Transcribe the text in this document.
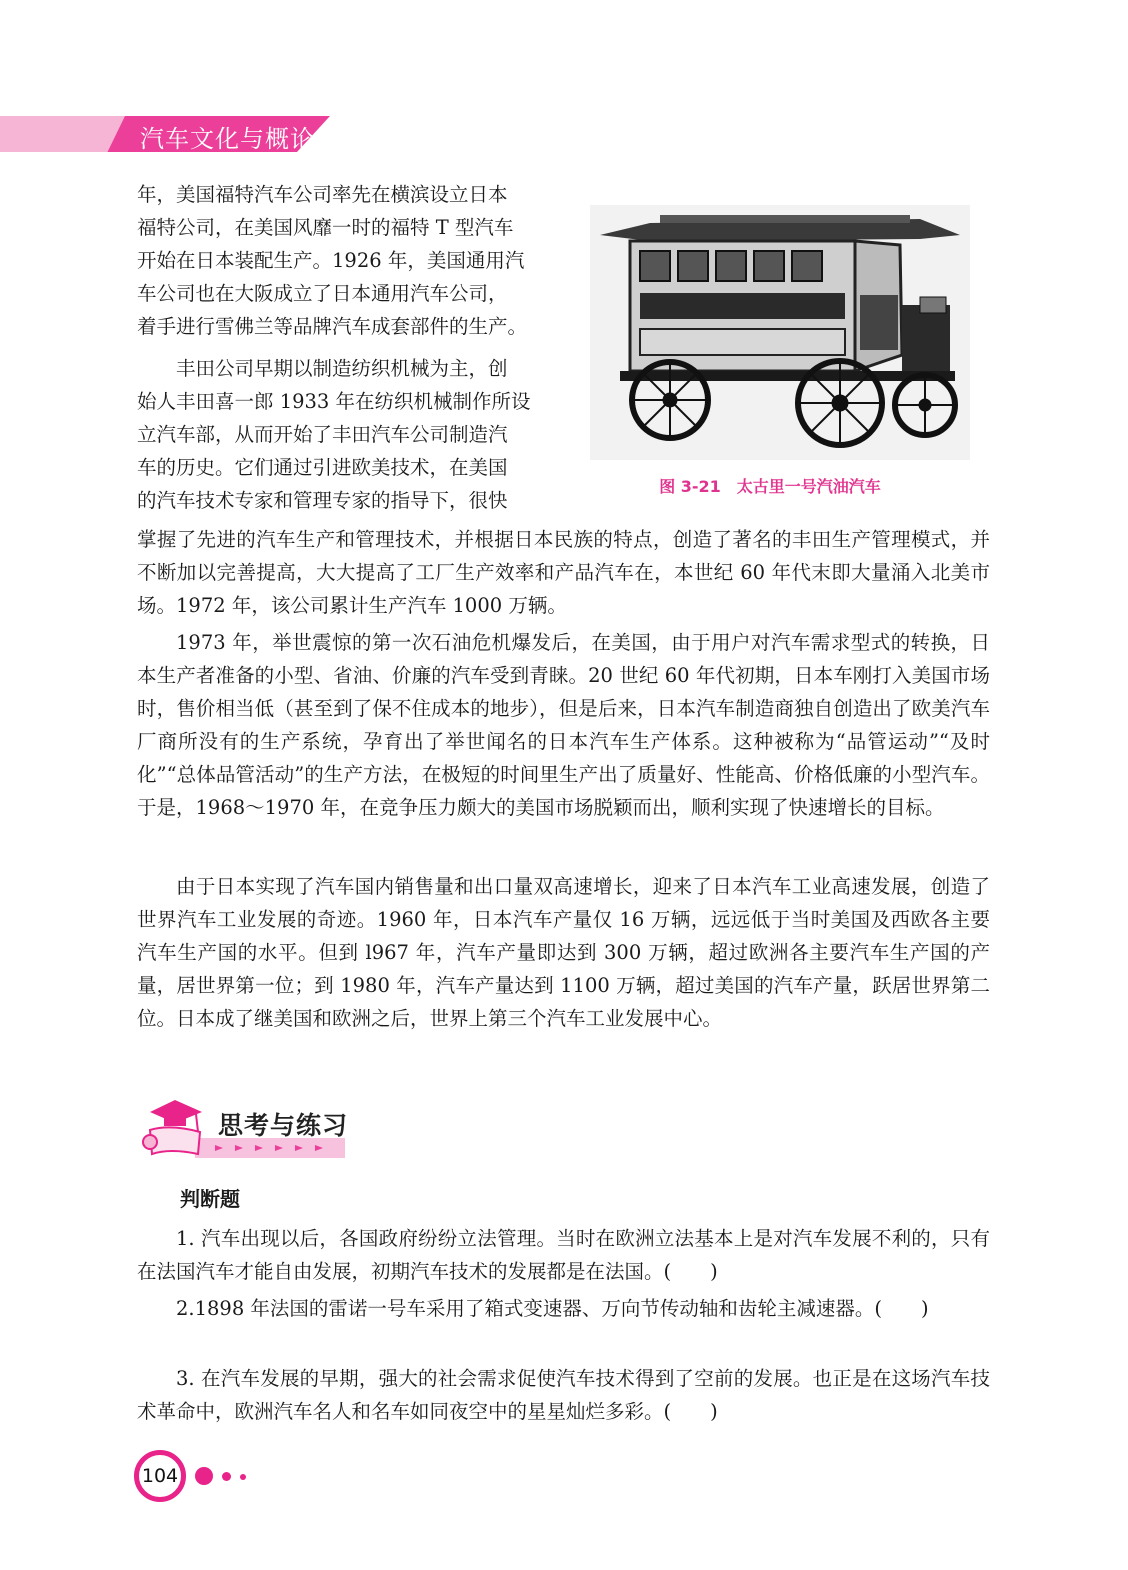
汽车文化与概论
年，美国福特汽车公司率先在横滨设立日本
福特公司，在美国风靡一时的福特 T 型汽车
开始在日本装配生产。1926 年，美国通用汽
车公司也在大阪成立了日本通用汽车公司，
着手进行雪佛兰等品牌汽车成套部件的生产。
丰田公司早期以制造纺织机械为主，创
始人丰田喜一郎 1933 年在纺织机械制作所设
立汽车部，从而开始了丰田汽车公司制造汽
车的历史。它们通过引进欧美技术，在美国
的汽车技术专家和管理专家的指导下，很快
图 3-21　太古里一号汽油汽车

掌握了先进的汽车生产和管理技术，并根据日本民族的特点，创造了著名的丰田生产管理模式，并不断加以完善提高，大大提高了工厂生产效率和产品汽车在，本世纪 60 年代末即大量涌入北美市场。1972 年，该公司累计生产汽车 1000 万辆。

1973 年，举世震惊的第一次石油危机爆发后，在美国，由于用户对汽车需求型式的转换，日本生产者准备的小型、省油、价廉的汽车受到青睐。20 世纪 60 年代初期，日本车刚打入美国市场时，售价相当低（甚至到了保不住成本的地步），但是后来，日本汽车制造商独自创造出了欧美汽车厂商所没有的生产系统，孕育出了举世闻名的日本汽车生产体系。这种被称为“品管运动”“及时化”“总体品管活动”的生产方法，在极短的时间里生产出了质量好、性能高、价格低廉的小型汽车。于是，1968～1970 年，在竞争压力颇大的美国市场脱颖而出，顺利实现了快速增长的目标。

由于日本实现了汽车国内销售量和出口量双高速增长，迎来了日本汽车工业高速发展，创造了世界汽车工业发展的奇迹。1960 年，日本汽车产量仅 16 万辆，远远低于当时美国及西欧各主要汽车生产国的水平。但到 l967 年，汽车产量即达到 300 万辆，超过欧洲各主要汽车生产国的产量，居世界第一位；到 1980 年，汽车产量达到 1100 万辆，超过美国的汽车产量，跃居世界第二位。日本成了继美国和欧洲之后，世界上第三个汽车工业发展中心。

思考与练习
判断题

1. 汽车出现以后，各国政府纷纷立法管理。当时在欧洲立法基本上是对汽车发展不利的，只有在法国汽车才能自由发展，初期汽车技术的发展都是在法国。(　　)

2.1898 年法国的雷诺一号车采用了箱式变速器、万向节传动轴和齿轮主减速器。(　　)

3. 在汽车发展的早期，强大的社会需求促使汽车技术得到了空前的发展。也正是在这场汽车技术革命中，欧洲汽车名人和名车如同夜空中的星星灿烂多彩。(　　)

104
